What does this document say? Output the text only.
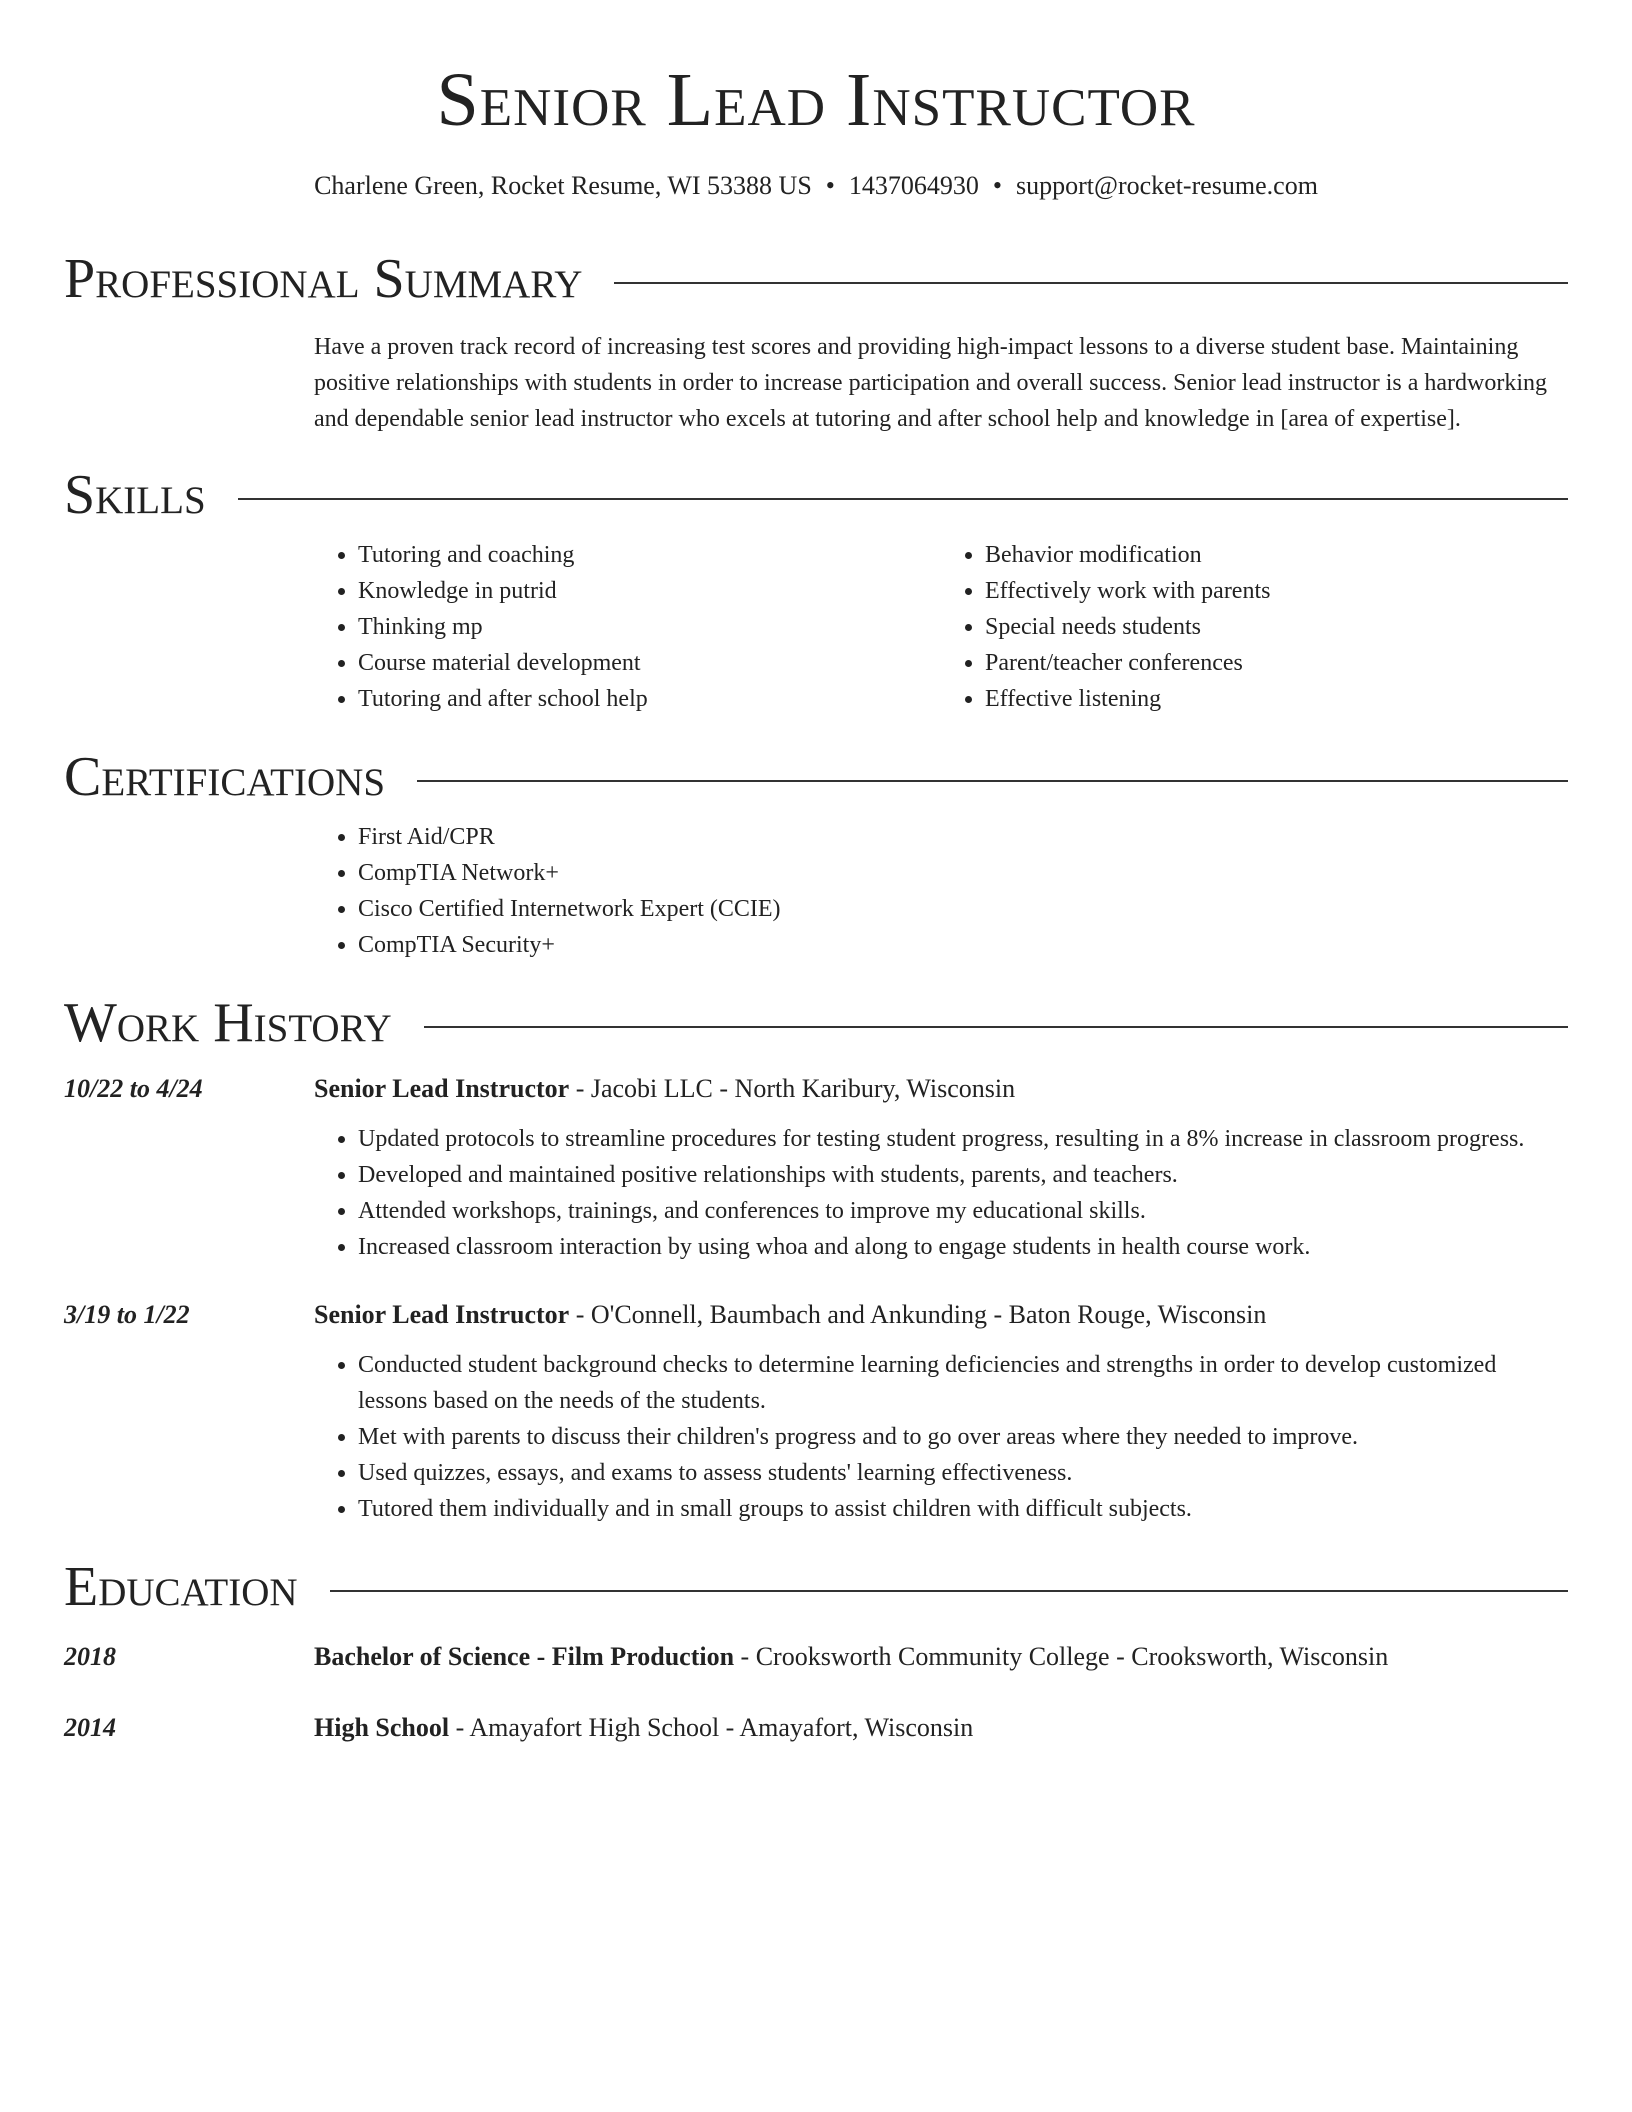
Senior Lead Instructor
Charlene Green, Rocket Resume, WI 53388 US • 1437064930 • support@rocket-resume.com
Professional Summary
Have a proven track record of increasing test scores and providing high-impact lessons to a diverse student base. Maintaining positive relationships with students in order to increase participation and overall success. Senior lead instructor is a hardworking and dependable senior lead instructor who excels at tutoring and after school help and knowledge in [area of expertise].
Skills
• Tutoring and coaching
• Knowledge in putrid
• Thinking mp
• Course material development
• Tutoring and after school help
• Behavior modification
• Effectively work with parents
• Special needs students
• Parent/teacher conferences
• Effective listening
Certifications
• First Aid/CPR
• CompTIA Network+
• Cisco Certified Internetwork Expert (CCIE)
• CompTIA Security+
Work History
10/22 to 4/24	Senior Lead Instructor - Jacobi LLC - North Karibury, Wisconsin
• Updated protocols to streamline procedures for testing student progress, resulting in a 8% increase in classroom progress.
• Developed and maintained positive relationships with students, parents, and teachers.
• Attended workshops, trainings, and conferences to improve my educational skills.
• Increased classroom interaction by using whoa and along to engage students in health course work.
3/19 to 1/22	Senior Lead Instructor - O'Connell, Baumbach and Ankunding - Baton Rouge, Wisconsin
• Conducted student background checks to determine learning deficiencies and strengths in order to develop customized lessons based on the needs of the students.
• Met with parents to discuss their children's progress and to go over areas where they needed to improve.
• Used quizzes, essays, and exams to assess students' learning effectiveness.
• Tutored them individually and in small groups to assist children with difficult subjects.
Education
2018	Bachelor of Science - Film Production - Crooksworth Community College - Crooksworth, Wisconsin
2014	High School - Amayafort High School - Amayafort, Wisconsin
